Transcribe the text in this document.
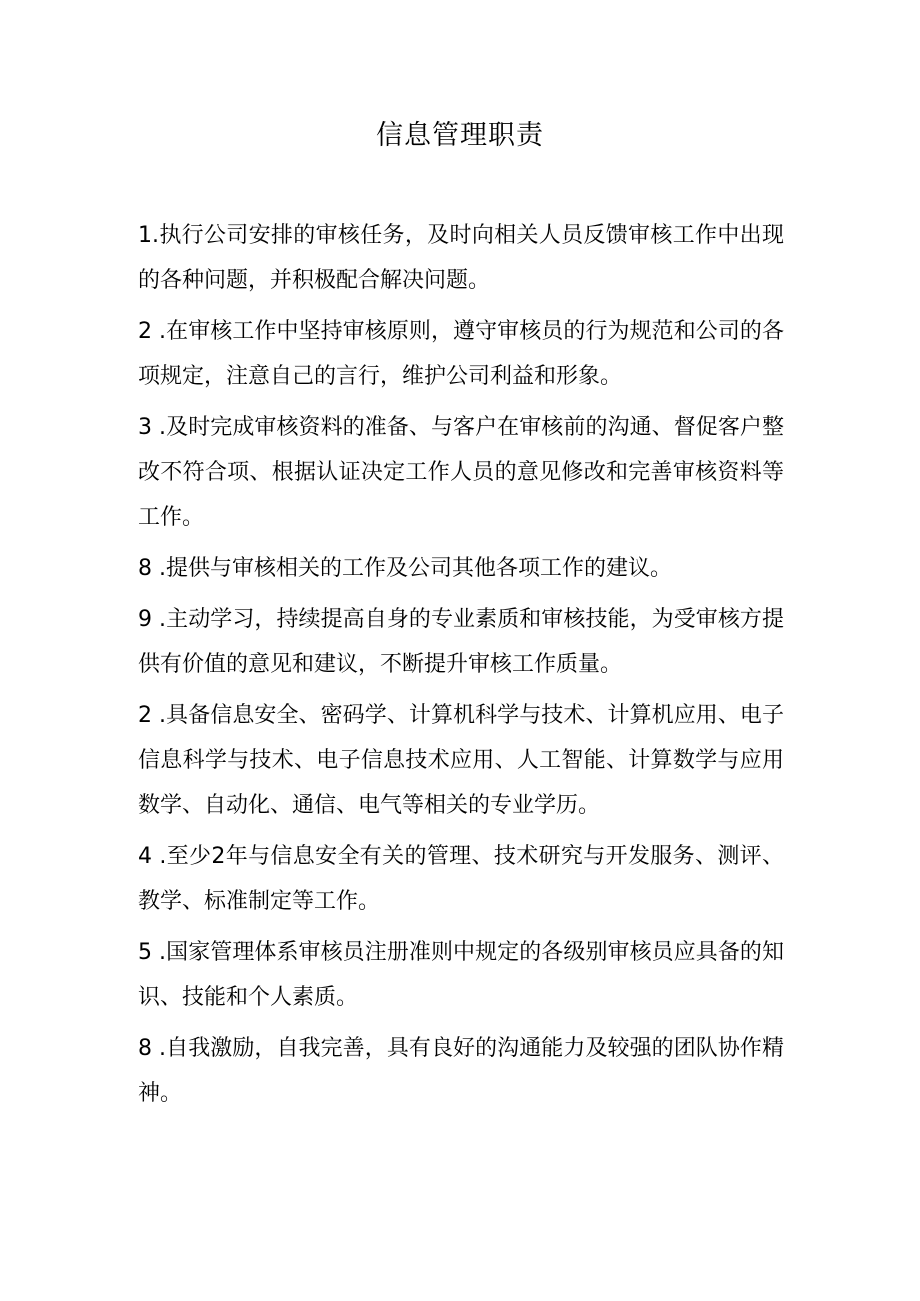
信息管理职责
1.执行公司安排的审核任务，及时向相关人员反馈审核工作中出现的各种问题，并积极配合解决问题。
2 .在审核工作中坚持审核原则，遵守审核员的行为规范和公司的各项规定，注意自己的言行，维护公司利益和形象。
3 .及时完成审核资料的准备、与客户在审核前的沟通、督促客户整改不符合项、根据认证决定工作人员的意见修改和完善审核资料等工作。
8 .提供与审核相关的工作及公司其他各项工作的建议。
9 .主动学习，持续提高自身的专业素质和审核技能，为受审核方提供有价值的意见和建议，不断提升审核工作质量。
2 .具备信息安全、密码学、计算机科学与技术、计算机应用、电子信息科学与技术、电子信息技术应用、人工智能、计算数学与应用数学、自动化、通信、电气等相关的专业学历。
4 .至少2年与信息安全有关的管理、技术研究与开发服务、测评、教学、标准制定等工作。
5 .国家管理体系审核员注册准则中规定的各级别审核员应具备的知识、技能和个人素质。
8 .自我激励，自我完善，具有良好的沟通能力及较强的团队协作精神。
